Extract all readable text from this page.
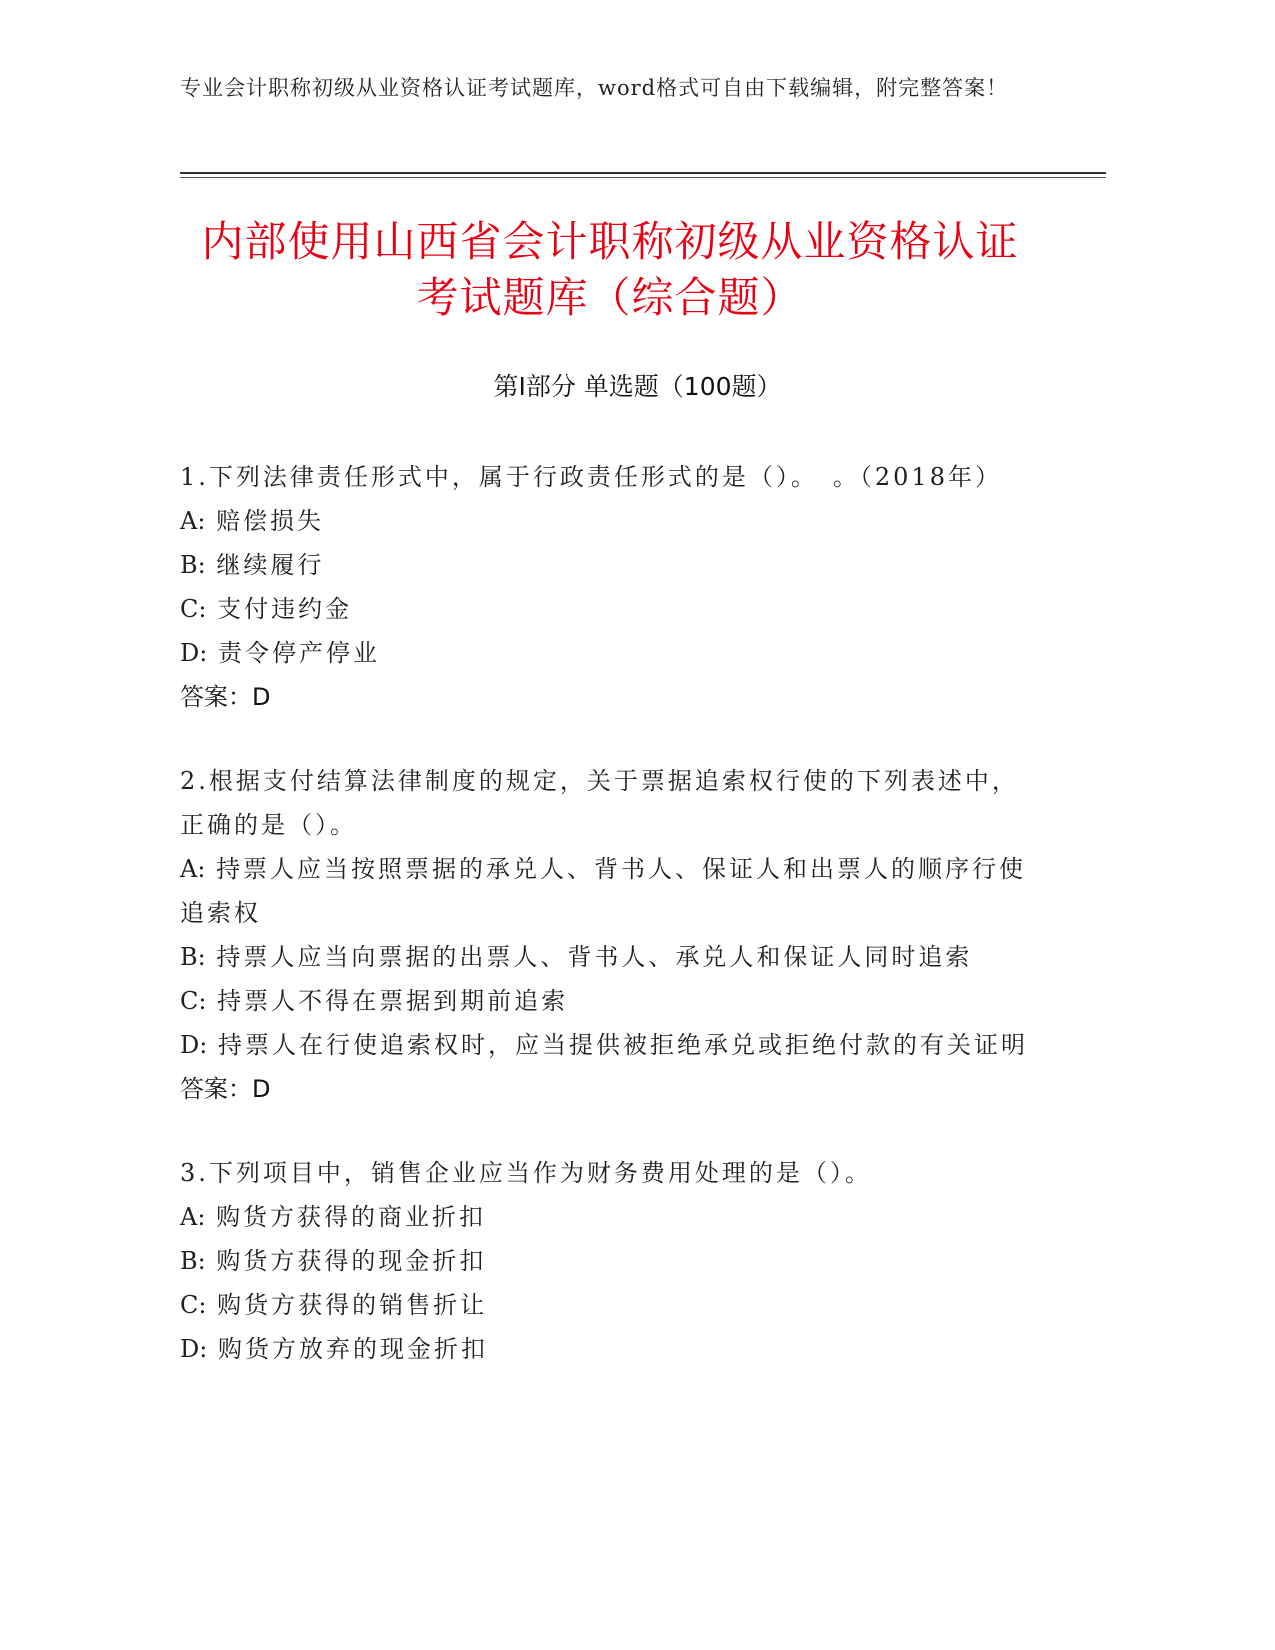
专业会计职称初级从业资格认证考试题库，word格式可自由下载编辑，附完整答案！
内部使用山西省会计职称初级从业资格认证
考试题库（综合题）
第Ⅰ部分 单选题（100题）
1.下列法律责任形式中，属于行政责任形式的是（）。　。（2018年）
A: 赔偿损失
B: 继续履行
C: 支付违约金
D: 责令停产停业
答案：D
2.根据支付结算法律制度的规定，关于票据追索权行使的下列表述中，正确的是（）。
A: 持票人应当按照票据的承兑人、背书人、保证人和出票人的顺序行使追索权
B: 持票人应当向票据的出票人、背书人、承兑人和保证人同时追索
C: 持票人不得在票据到期前追索
D: 持票人在行使追索权时，应当提供被拒绝承兑或拒绝付款的有关证明
答案：D
3.下列项目中，销售企业应当作为财务费用处理的是（）。
A: 购货方获得的商业折扣
B: 购货方获得的现金折扣
C: 购货方获得的销售折让
D: 购货方放弃的现金折扣
